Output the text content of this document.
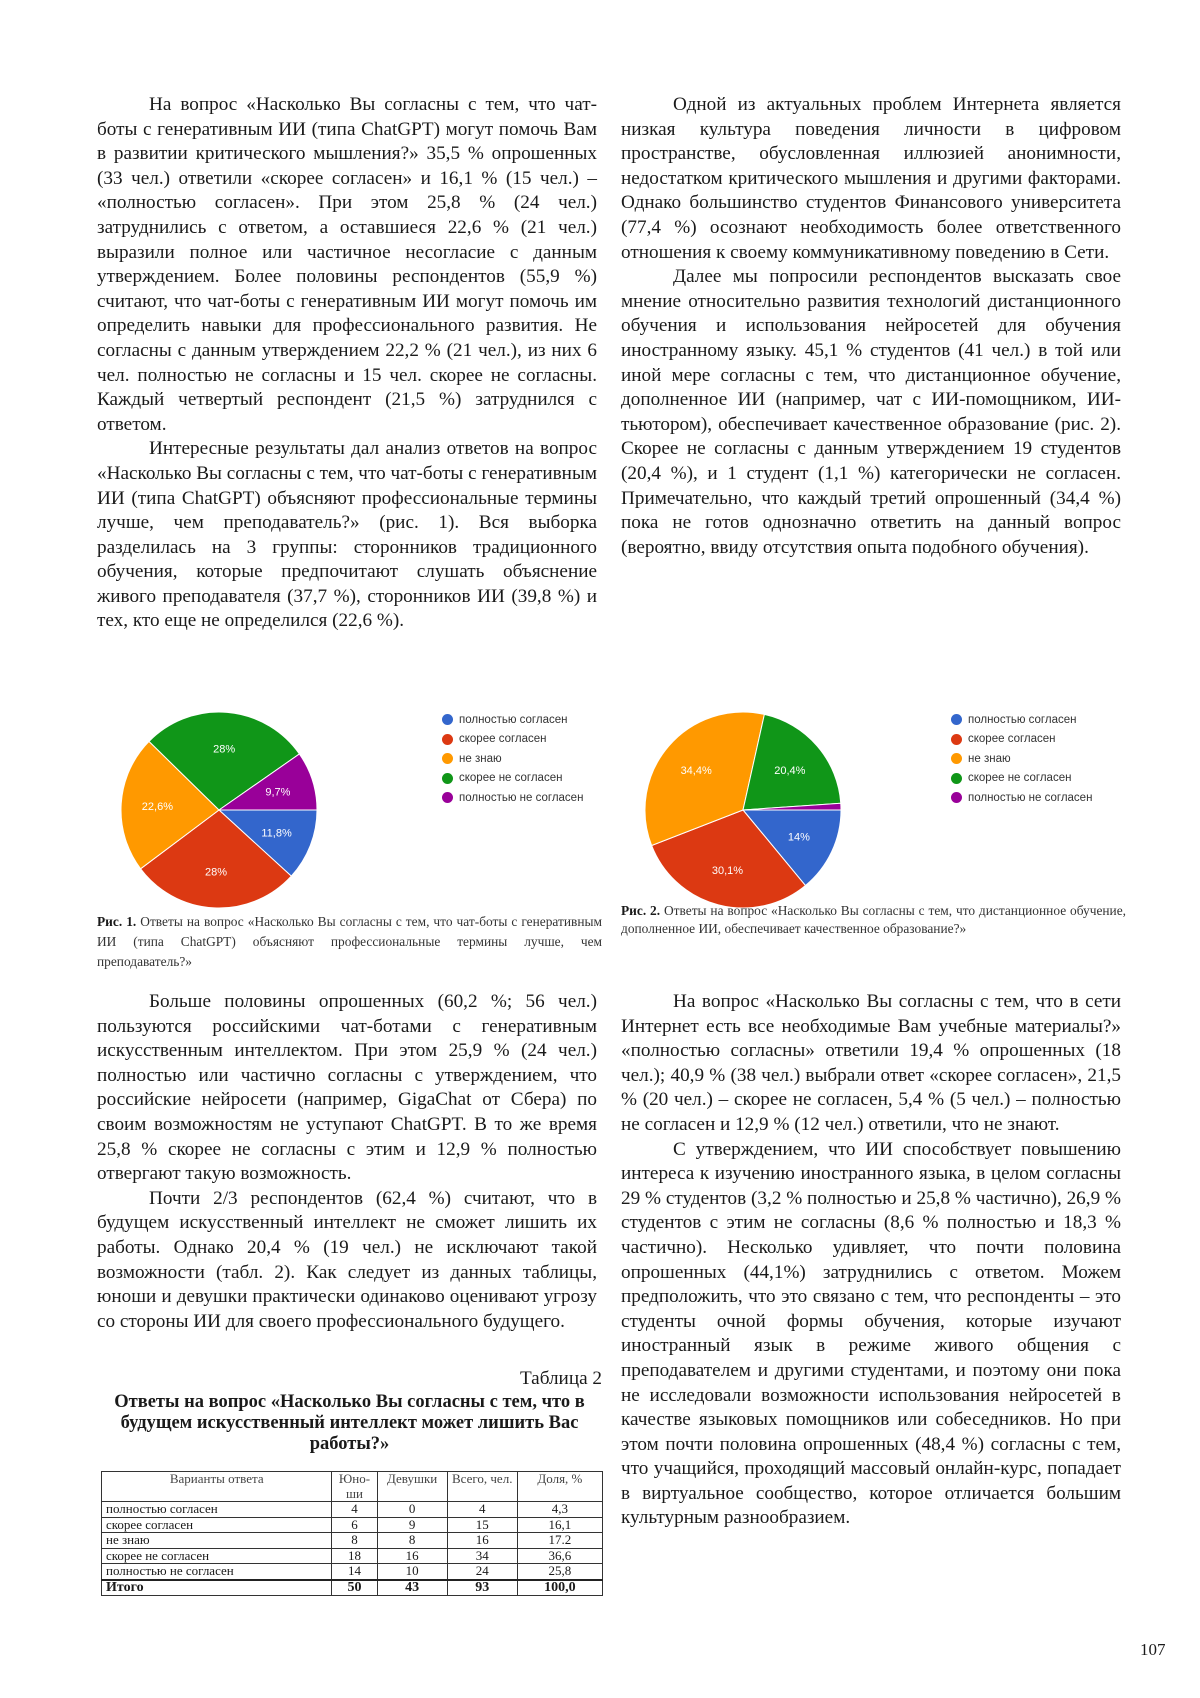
На вопрос «Насколько Вы согласны с тем, что чат-боты с генеративным ИИ (типа ChatGPT) могут помочь Вам в развитии критического мышления?» 35,5 % опрошенных (33 чел.) ответили «скорее согласен» и 16,1 % (15 чел.) – «полностью согласен». При этом 25,8 % (24 чел.) затруднились с ответом, а оставшиеся 22,6 % (21 чел.) выразили полное или частичное несогласие с данным утверждением. Более половины респондентов (55,9 %) считают, что чат-боты с генеративным ИИ могут помочь им определить навыки для профессионального развития. Не согласны с данным утверждением 22,2 % (21 чел.), из них 6 чел. полностью не согласны и 15 чел. скорее не согласны. Каждый четвертый респондент (21,5 %) затруднился с ответом.

Интересные результаты дал анализ ответов на вопрос «Насколько Вы согласны с тем, что чат-боты с генеративным ИИ (типа ChatGPT) объясняют профессиональные термины лучше, чем преподаватель?» (рис. 1). Вся выборка разделилась на 3 группы: сторонников традиционного обучения, которые предпочитают слушать объяснение живого преподавателя (37,7 %), сторонников ИИ (39,8 %) и тех, кто еще не определился (22,6 %).

Одной из актуальных проблем Интернета является низкая культура поведения личности в цифровом пространстве, обусловленная иллюзией анонимности, недостатком критического мышления и другими факторами. Однако большинство студентов Финансового университета (77,4 %) осознают необходимость более ответственного отношения к своему коммуникативному поведению в Сети.

Далее мы попросили респондентов высказать свое мнение относительно развития технологий дистанционного обучения и использования нейросетей для обучения иностранному языку. 45,1 % студентов (41 чел.) в той или иной мере согласны с тем, что дистанционное обучение, дополненное ИИ (например, чат с ИИ-помощником, ИИ-тьютором), обеспечивает качественное образование (рис. 2). Скорее не согласны с данным утверждением 19 студентов (20,4 %), и 1 студент (1,1 %) категорически не согласен. Примечательно, что каждый третий опрошенный (34,4 %) пока не готов однозначно ответить на данный вопрос (вероятно, ввиду отсутствия опыта подобного обучения).

11,8%
28%
22,6%
28%
9,7%
полностью согласен
скорее согласен
не знаю
скорее не согласен
полностью не согласен
Рис. 1. Ответы на вопрос «Насколько Вы согласны с тем, что чат-боты с генеративным ИИ (типа ChatGPT) объясняют профессиональные термины лучше, чем преподаватель?»
14%
30,1%
34,4%	20,4%
полностью согласен
скорее согласен
не знаю
скорее не согласен
полностью не согласен
Рис. 2. Ответы на вопрос «Насколько Вы согласны с тем, что дистанционное обучение, дополненное ИИ, обеспечивает качественное образование?»

Больше половины опрошенных (60,2 %; 56 чел.) пользуются российскими чат-ботами с генеративным искусственным интеллектом. При этом 25,9 % (24 чел.) полностью или частично согласны с утверждением, что российские нейросети (например, GigaChat от Сбера) по своим возможностям не уступают ChatGPT. В то же время 25,8 % скорее не согласны с этим и 12,9 % полностью отвергают такую возможность.

Почти 2/3 респондентов (62,4 %) считают, что в будущем искусственный интеллект не сможет лишить их работы. Однако 20,4 % (19 чел.) не исключают такой возможности (табл. 2). Как следует из данных таблицы, юноши и девушки практически одинаково оценивают угрозу со стороны ИИ для своего профессионального будущего.

На вопрос «Насколько Вы согласны с тем, что в сети Интернет есть все необходимые Вам учебные материалы?» «полностью согласны» ответили 19,4 % опрошенных (18 чел.); 40,9 % (38 чел.) выбрали ответ «скорее согласен», 21,5 % (20 чел.) – скорее не согласен, 5,4 % (5 чел.) – полностью не согласен и 12,9 % (12 чел.) ответили, что не знают.

С утверждением, что ИИ способствует повышению интереса к изучению иностранного языка, в целом согласны 29 % студентов (3,2 % полностью и 25,8 % частично), 26,9 % студентов с этим не согласны (8,6 % полностью и 18,3 % частично). Несколько удивляет, что почти половина опрошенных (44,1%) затруднились с ответом. Можем предположить, что это связано с тем, что респонденты – это студенты очной формы обучения, которые изучают иностранный язык в режиме живого общения с преподавателем и другими студентами, и поэтому они пока не исследовали возможности использования нейросетей в качестве языковых помощников или собеседников. Но при этом почти половина опрошенных (48,4 %) согласны с тем, что учащийся, проходящий массовый онлайн-курс, попадает в виртуальное сообщество, которое отличается большим культурным разнообразием.

Таблица 2
Ответы на вопрос «Насколько Вы согласны с тем, что в будущем искусственный интеллект может лишить Вас работы?»
Варианты ответа	Юно-ши	Девушки	Всего, чел.	Доля, %
полностью согласен	4	0	4	4,3
скорее согласен	6	9	15	16,1
не знаю	8	8	16	17.2
скорее не согласен	18	16	34	36,6
полностью не согласен	14	10	24	25,8
Итого	50	43	93	100,0
107
